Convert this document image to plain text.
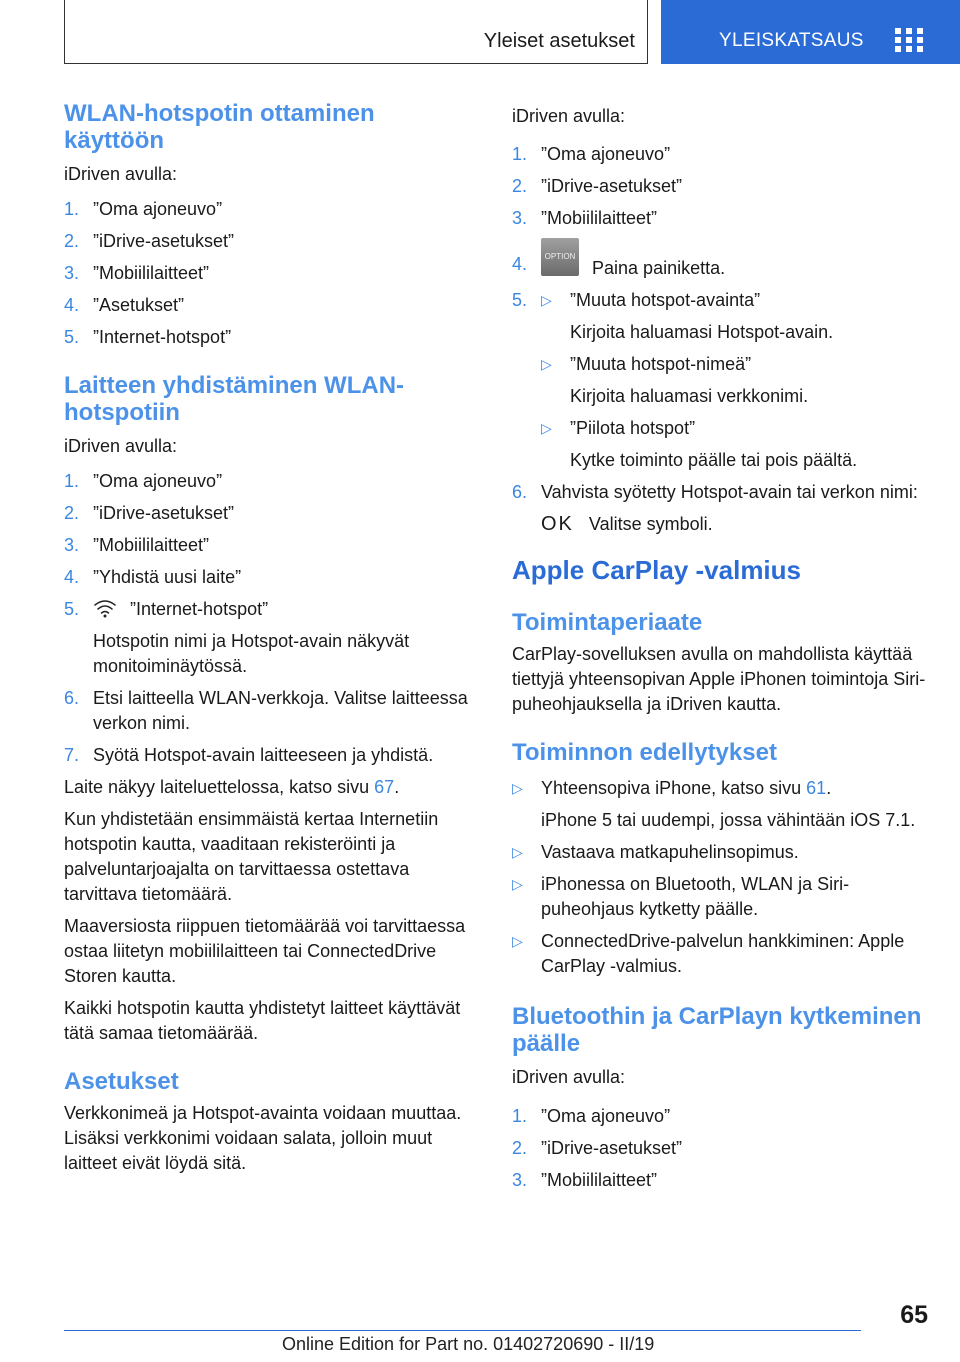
Yleiset asetukset	YLEISKATSAUS
WLAN-hotspotin ottaminen käyttöön

iDriven avulla:

1. ”Oma ajoneuvo”
2. ”iDrive-asetukset”
3. ”Mobiililaitteet”
4. ”Asetukset”
5. ”Internet-hotspot”
Laitteen yhdistäminen WLAN-hotspotiin

iDriven avulla:

1. ”Oma ajoneuvo”
2. ”iDrive-asetukset”
3. ”Mobiililaitteet”
4. ”Yhdistä uusi laite”
5.	”Internet-hotspot”
Hotspotin nimi ja Hotspot-avain näkyvät monitoiminäytössä.
6. Etsi laitteella WLAN-verkkoja. Valitse laitteessa verkon nimi.
7. Syötä Hotspot-avain laitteeseen ja yhdistä.

Laite näkyy laiteluettelossa, katso sivu 67.

Kun yhdistetään ensimmäistä kertaa Internetiin hotspotin kautta, vaaditaan rekisteröinti ja palveluntarjoajalta on tarvittaessa ostettava tarvittava tietomäärä.

Maaversiosta riippuen tietomäärää voi tarvittaessa ostaa liitetyn mobiililaitteen tai ConnectedDrive Storen kautta.

Kaikki hotspotin kautta yhdistetyt laitteet käyttävät tätä samaa tietomäärää.

Asetukset

Verkkonimeä ja Hotspot-avainta voidaan muuttaa. Lisäksi verkkonimi voidaan salata, jolloin muut laitteet eivät löydä sitä.

iDriven avulla:

1. ”Oma ajoneuvo”
2. ”iDrive-asetukset”
3. ”Mobiililaitteet”
4. OPTION Paina painiketta.
5. ▷ ”Muuta hotspot-avainta”
Kirjoita haluamasi Hotspot-avain.
▷ ”Muuta hotspot-nimeä”
Kirjoita haluamasi verkkonimi.
▷ ”Piilota hotspot”
Kytke toiminto päälle tai pois päältä.
6. Vahvista syötetty Hotspot-avain tai verkon nimi:
OK Valitse symboli.
Apple CarPlay -valmius
Toimintaperiaate

CarPlay-sovelluksen avulla on mahdollista käyttää tiettyjä yhteensopivan Apple iPhonen toimintoja Siri-puheohjauksella ja iDriven kautta.

Toiminnon edellytykset
▷ Yhteensopiva iPhone, katso sivu 61.
iPhone 5 tai uudempi, jossa vähintään iOS 7.1.
▷ Vastaava matkapuhelinsopimus.
▷ iPhonessa on Bluetooth, WLAN ja Siri-puheohjaus kytketty päälle.
▷ ConnectedDrive-palvelun hankkiminen: Apple CarPlay -valmius.
Bluetoothin ja CarPlayn kytkeminen päälle

iDriven avulla:

1. ”Oma ajoneuvo”
2. ”iDrive-asetukset”
3. ”Mobiililaitteet”
65
Online Edition for Part no. 01402720690 - II/19
